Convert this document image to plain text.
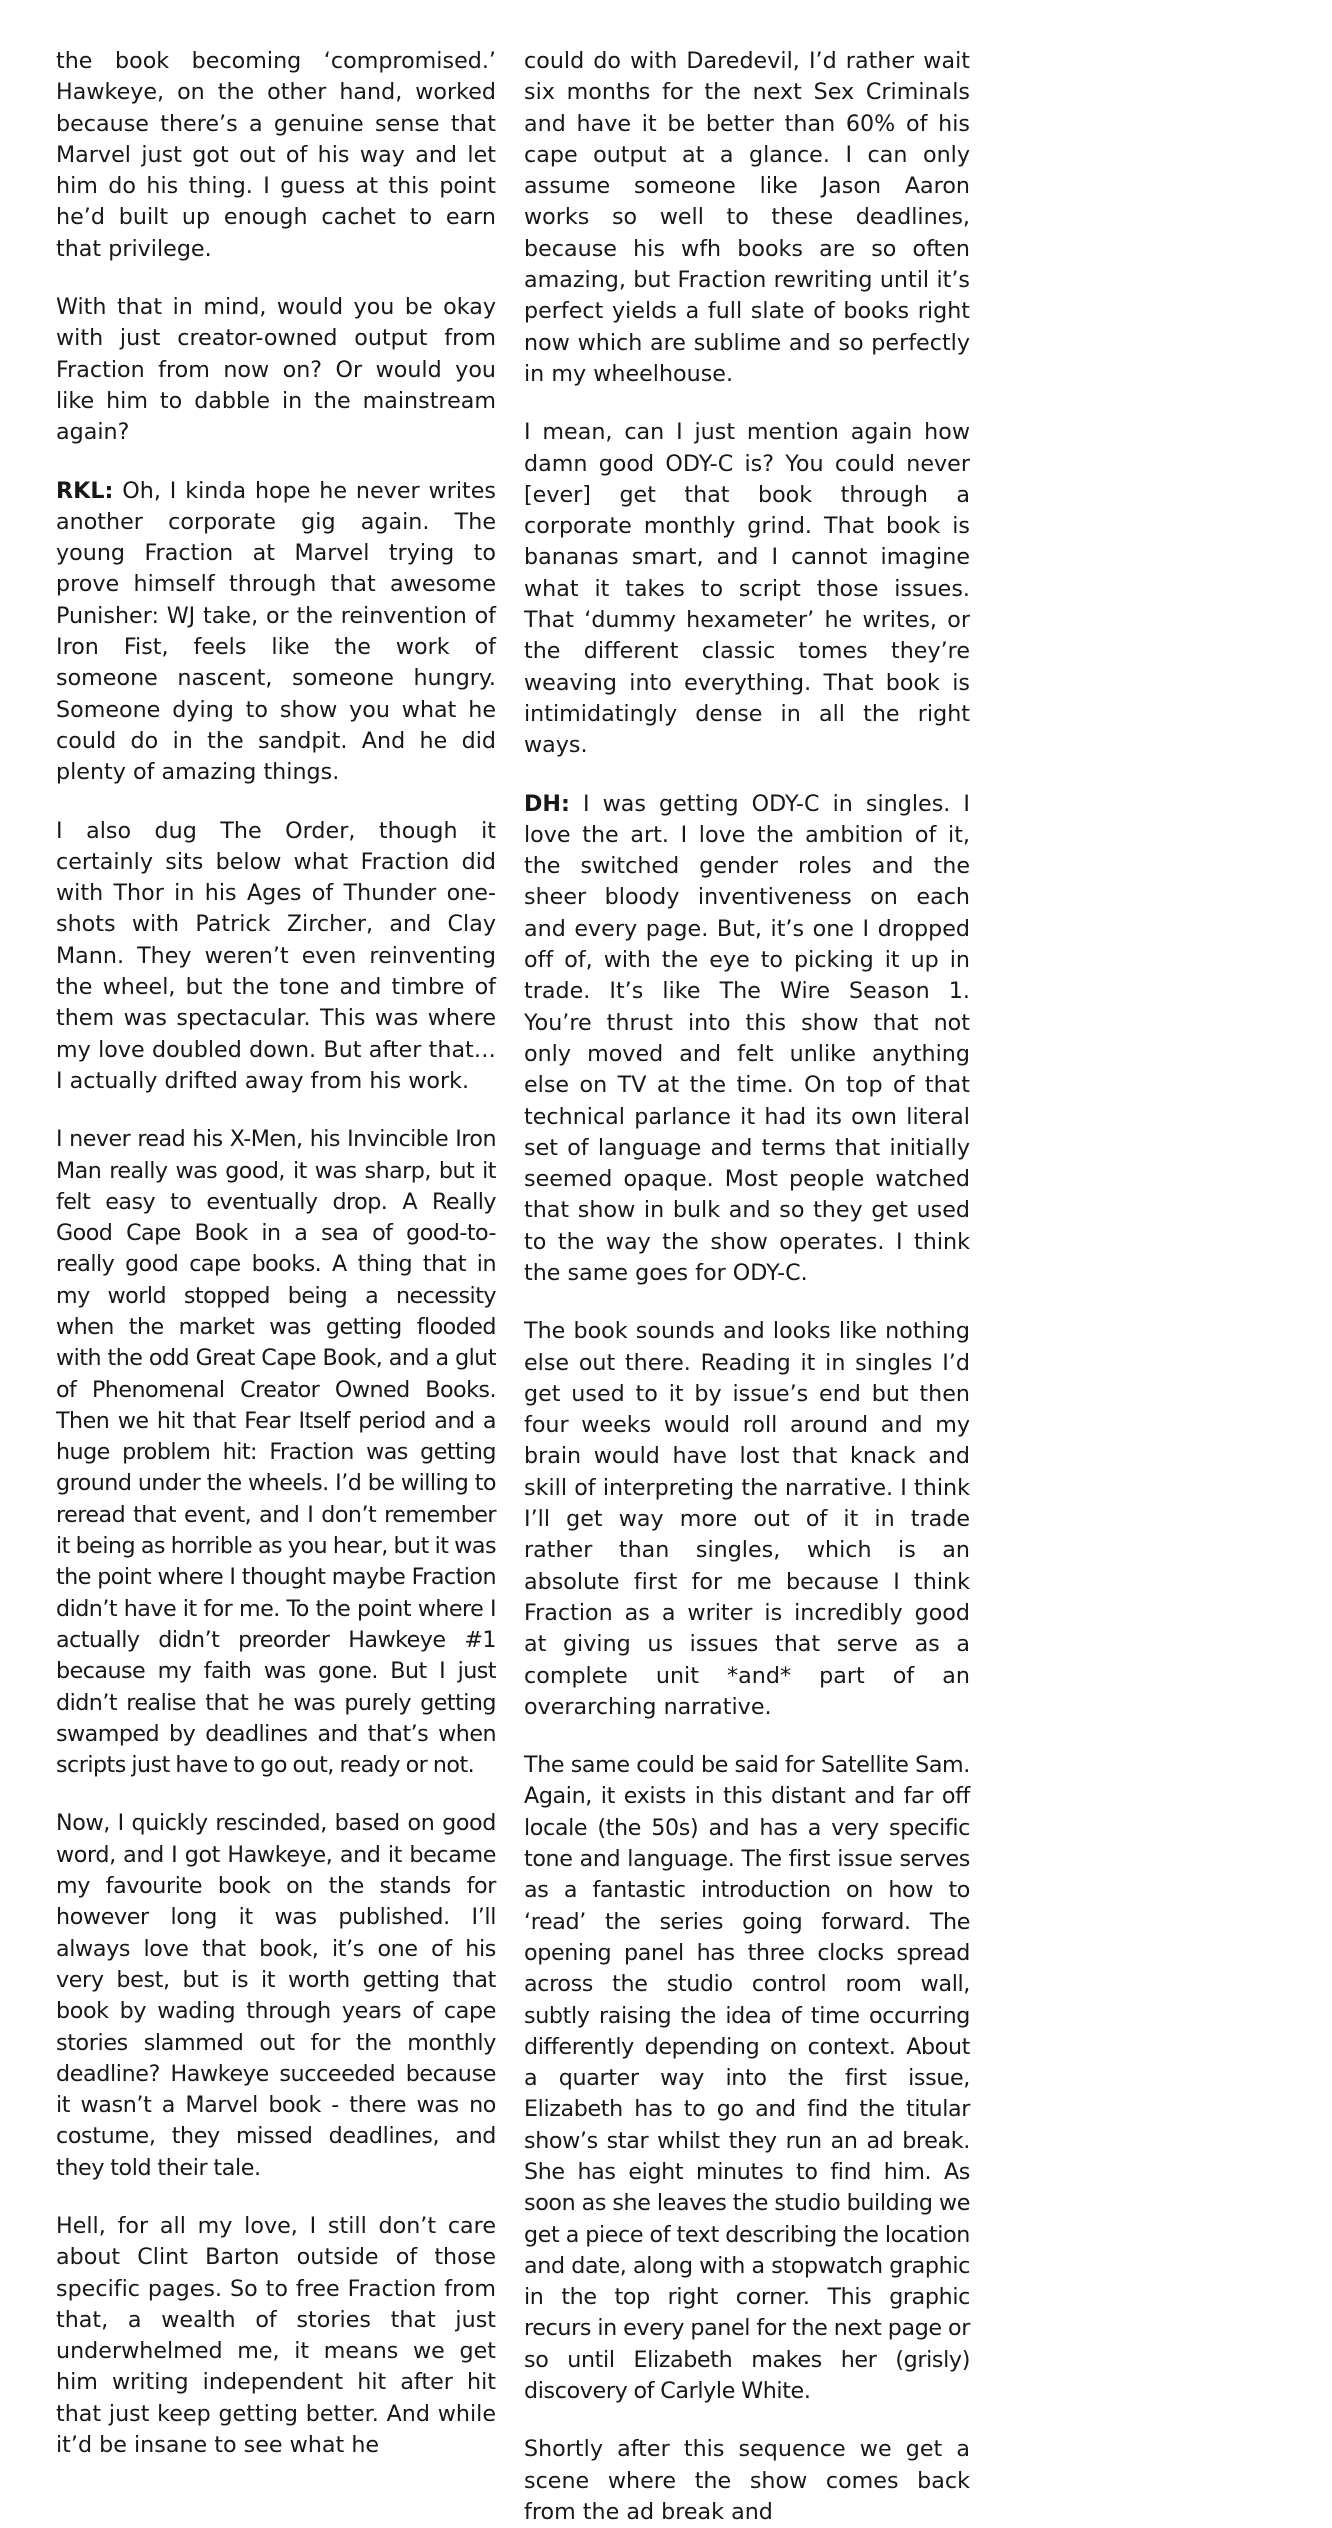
the book becoming ‘compromised.’ Hawkeye, on the other hand, worked because there’s a genuine sense that Marvel just got out of his way and let him do his thing. I guess at this point he’d built up enough cachet to earn that privilege.

With that in mind, would you be okay with just creator-owned output from Fraction from now on? Or would you like him to dabble in the mainstream again?

RKL: Oh, I kinda hope he never writes another corporate gig again. The young Fraction at Marvel trying to prove himself through that awesome Punisher: WJ take, or the reinvention of Iron Fist, feels like the work of someone nascent, someone hungry. Someone dying to show you what he could do in the sandpit. And he did plenty of amazing things.

I also dug The Order, though it certainly sits below what Fraction did with Thor in his Ages of Thunder one-shots with Patrick Zircher, and Clay Mann. They weren’t even reinventing the wheel, but the tone and timbre of them was spectacular. This was where my love doubled down. But after that…I actually drifted away from his work.

I never read his X-Men, his Invincible Iron Man really was good, it was sharp, but it felt easy to eventually drop. A Really Good Cape Book in a sea of good-to-really good cape books. A thing that in my world stopped being a necessity when the market was getting flooded with the odd Great Cape Book, and a glut of Phenomenal Creator Owned Books. Then we hit that Fear Itself period and a huge problem hit: Fraction was getting ground under the wheels. I’d be willing to reread that event, and I don’t remember it being as horrible as you hear, but it was the point where I thought maybe Fraction didn’t have it for me. To the point where I actually didn’t preorder Hawkeye #1 because my faith was gone. But I just didn’t realise that he was purely getting swamped by deadlines and that’s when scripts just have to go out, ready or not.

Now, I quickly rescinded, based on good word, and I got Hawkeye, and it became my favourite book on the stands for however long it was published. I’ll always love that book, it’s one of his very best, but is it worth getting that book by wading through years of cape stories slammed out for the monthly deadline? Hawkeye succeeded because it wasn’t a Marvel book - there was no costume, they missed deadlines, and they told their tale.

Hell, for all my love, I still don’t care about Clint Barton outside of those specific pages. So to free Fraction from that, a wealth of stories that just underwhelmed me, it means we get him writing independent hit after hit that just keep getting better. And while it’d be insane to see what he

could do with Daredevil, I’d rather wait six months for the next Sex Criminals and have it be better than 60% of his cape output at a glance. I can only assume someone like Jason Aaron works so well to these deadlines, because his wfh books are so often amazing, but Fraction rewriting until it’s perfect yields a full slate of books right now which are sublime and so perfectly in my wheelhouse.

I mean, can I just mention again how damn good ODY-C is? You could never [ever] get that book through a corporate monthly grind. That book is bananas smart, and I cannot imagine what it takes to script those issues. That ‘dummy hexameter’ he writes, or the different classic tomes they’re weaving into everything. That book is intimidatingly dense in all the right ways.

DH: I was getting ODY-C in singles. I love the art. I love the ambition of it, the switched gender roles and the sheer bloody inventiveness on each and every page. But, it’s one I dropped off of, with the eye to picking it up in trade. It’s like The Wire Season 1. You’re thrust into this show that not only moved and felt unlike anything else on TV at the time. On top of that technical parlance it had its own literal set of language and terms that initially seemed opaque. Most people watched that show in bulk and so they get used to the way the show operates. I think the same goes for ODY-C.

The book sounds and looks like nothing else out there. Reading it in singles I’d get used to it by issue’s end but then four weeks would roll around and my brain would have lost that knack and skill of interpreting the narrative. I think I’ll get way more out of it in trade rather than singles, which is an absolute first for me because I think Fraction as a writer is incredibly good at giving us issues that serve as a complete unit *and* part of an overarching narrative.

The same could be said for Satellite Sam. Again, it exists in this distant and far off locale (the 50s) and has a very specific tone and language. The first issue serves as a fantastic introduction on how to ‘read’ the series going forward. The opening panel has three clocks spread across the studio control room wall, subtly raising the idea of time occurring differently depending on context. About a quarter way into the first issue, Elizabeth has to go and find the titular show’s star whilst they run an ad break. She has eight minutes to find him. As soon as she leaves the studio building we get a piece of text describing the location and date, along with a stopwatch graphic in the top right corner. This graphic recurs in every panel for the next page or so until Elizabeth makes her (grisly) discovery of Carlyle White.

Shortly after this sequence we get a scene where the show comes back from the ad break and
